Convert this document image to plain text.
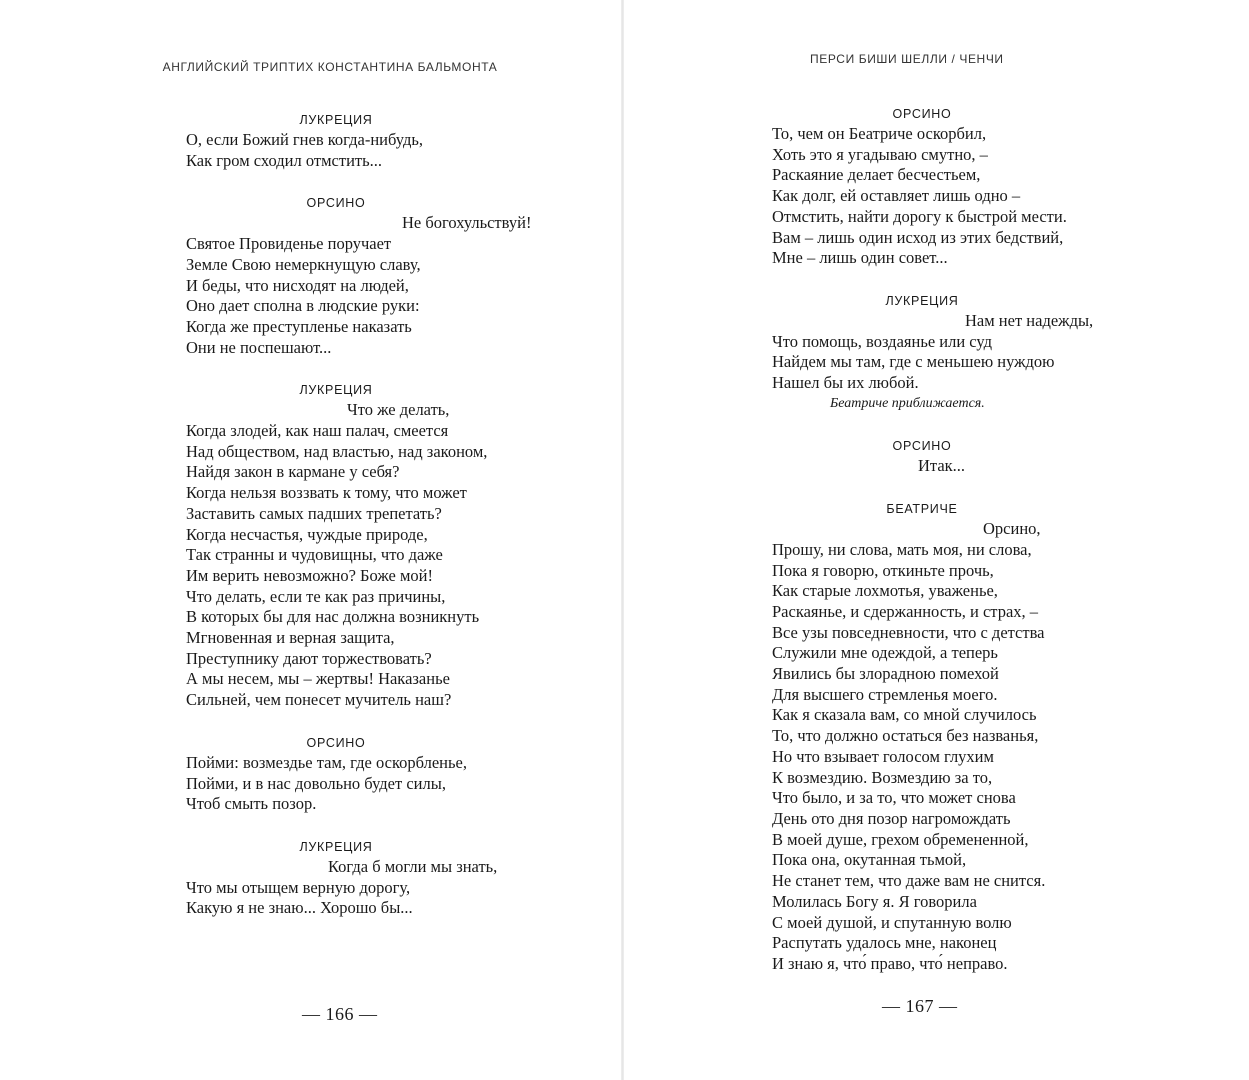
АНГЛИЙСКИЙ ТРИПТИХ КОНСТАНТИНА БАЛЬМОНТА
ЛУКРЕЦИЯ
О, если Божий гнев когда-нибудь,
Как гром сходил отмстить...
ОРСИНО
Не богохульствуй!
Святое Провиденье поручает
Земле Свою немеркнущую славу,
И беды, что нисходят на людей,
Оно дает сполна в людские руки:
Когда же преступленье наказать
Они не поспешают...
ЛУКРЕЦИЯ
Что же делать,
Когда злодей, как наш палач, смеется
Над обществом, над властью, над законом,
Найдя закон в кармане у себя?
Когда нельзя воззвать к тому, что может
Заставить самых падших трепетать?
Когда несчастья, чуждые природе,
Так странны и чудовищны, что даже
Им верить невозможно? Боже мой!
Что делать, если те как раз причины,
В которых бы для нас должна возникнуть
Мгновенная и верная защита,
Преступнику дают торжествовать?
А мы несем, мы – жертвы! Наказанье
Сильней, чем понесет мучитель наш?
ОРСИНО
Пойми: возмездье там, где оскорбленье,
Пойми, и в нас довольно будет силы,
Чтоб смыть позор.
ЛУКРЕЦИЯ
Когда б могли мы знать,
Что мы отыщем верную дорогу,
Какую я не знаю... Хорошо бы...
— 166 —
ПЕРСИ БИШИ ШЕЛЛИ / ЧЕНЧИ
ОРСИНО
То, чем он Беатриче оскорбил,
Хоть это я угадываю смутно, –
Раскаяние делает бесчестьем,
Как долг, ей оставляет лишь одно –
Отмстить, найти дорогу к быстрой мести.
Вам – лишь один исход из этих бедствий,
Мне – лишь один совет...
ЛУКРЕЦИЯ
Нам нет надежды,
Что помощь, воздаянье или суд
Найдем мы там, где с меньшею нуждою
Нашел бы их любой.
Беатриче приближается.
ОРСИНО
Итак...
БЕАТРИЧЕ
Орсино,
Прошу, ни слова, мать моя, ни слова,
Пока я говорю, откиньте прочь,
Как старые лохмотья, уваженье,
Раскаянье, и сдержанность, и страх, –
Все узы повседневности, что с детства
Служили мне одеждой, а теперь
Явились бы злорадною помехой
Для высшего стремленья моего.
Как я сказала вам, со мной случилось
То, что должно остаться без названья,
Но что взывает голосом глухим
К возмездию. Возмездию за то,
Что было, и за то, что может снова
День ото дня позор нагромождать
В моей душе, грехом обремененной,
Пока она, окутанная тьмой,
Не станет тем, что даже вам не снится.
Молилась Богу я. Я говорила
С моей душой, и спутанную волю
Распутать удалось мне, наконец
И знаю я, что́ право, что́ неправо.
— 167 —
